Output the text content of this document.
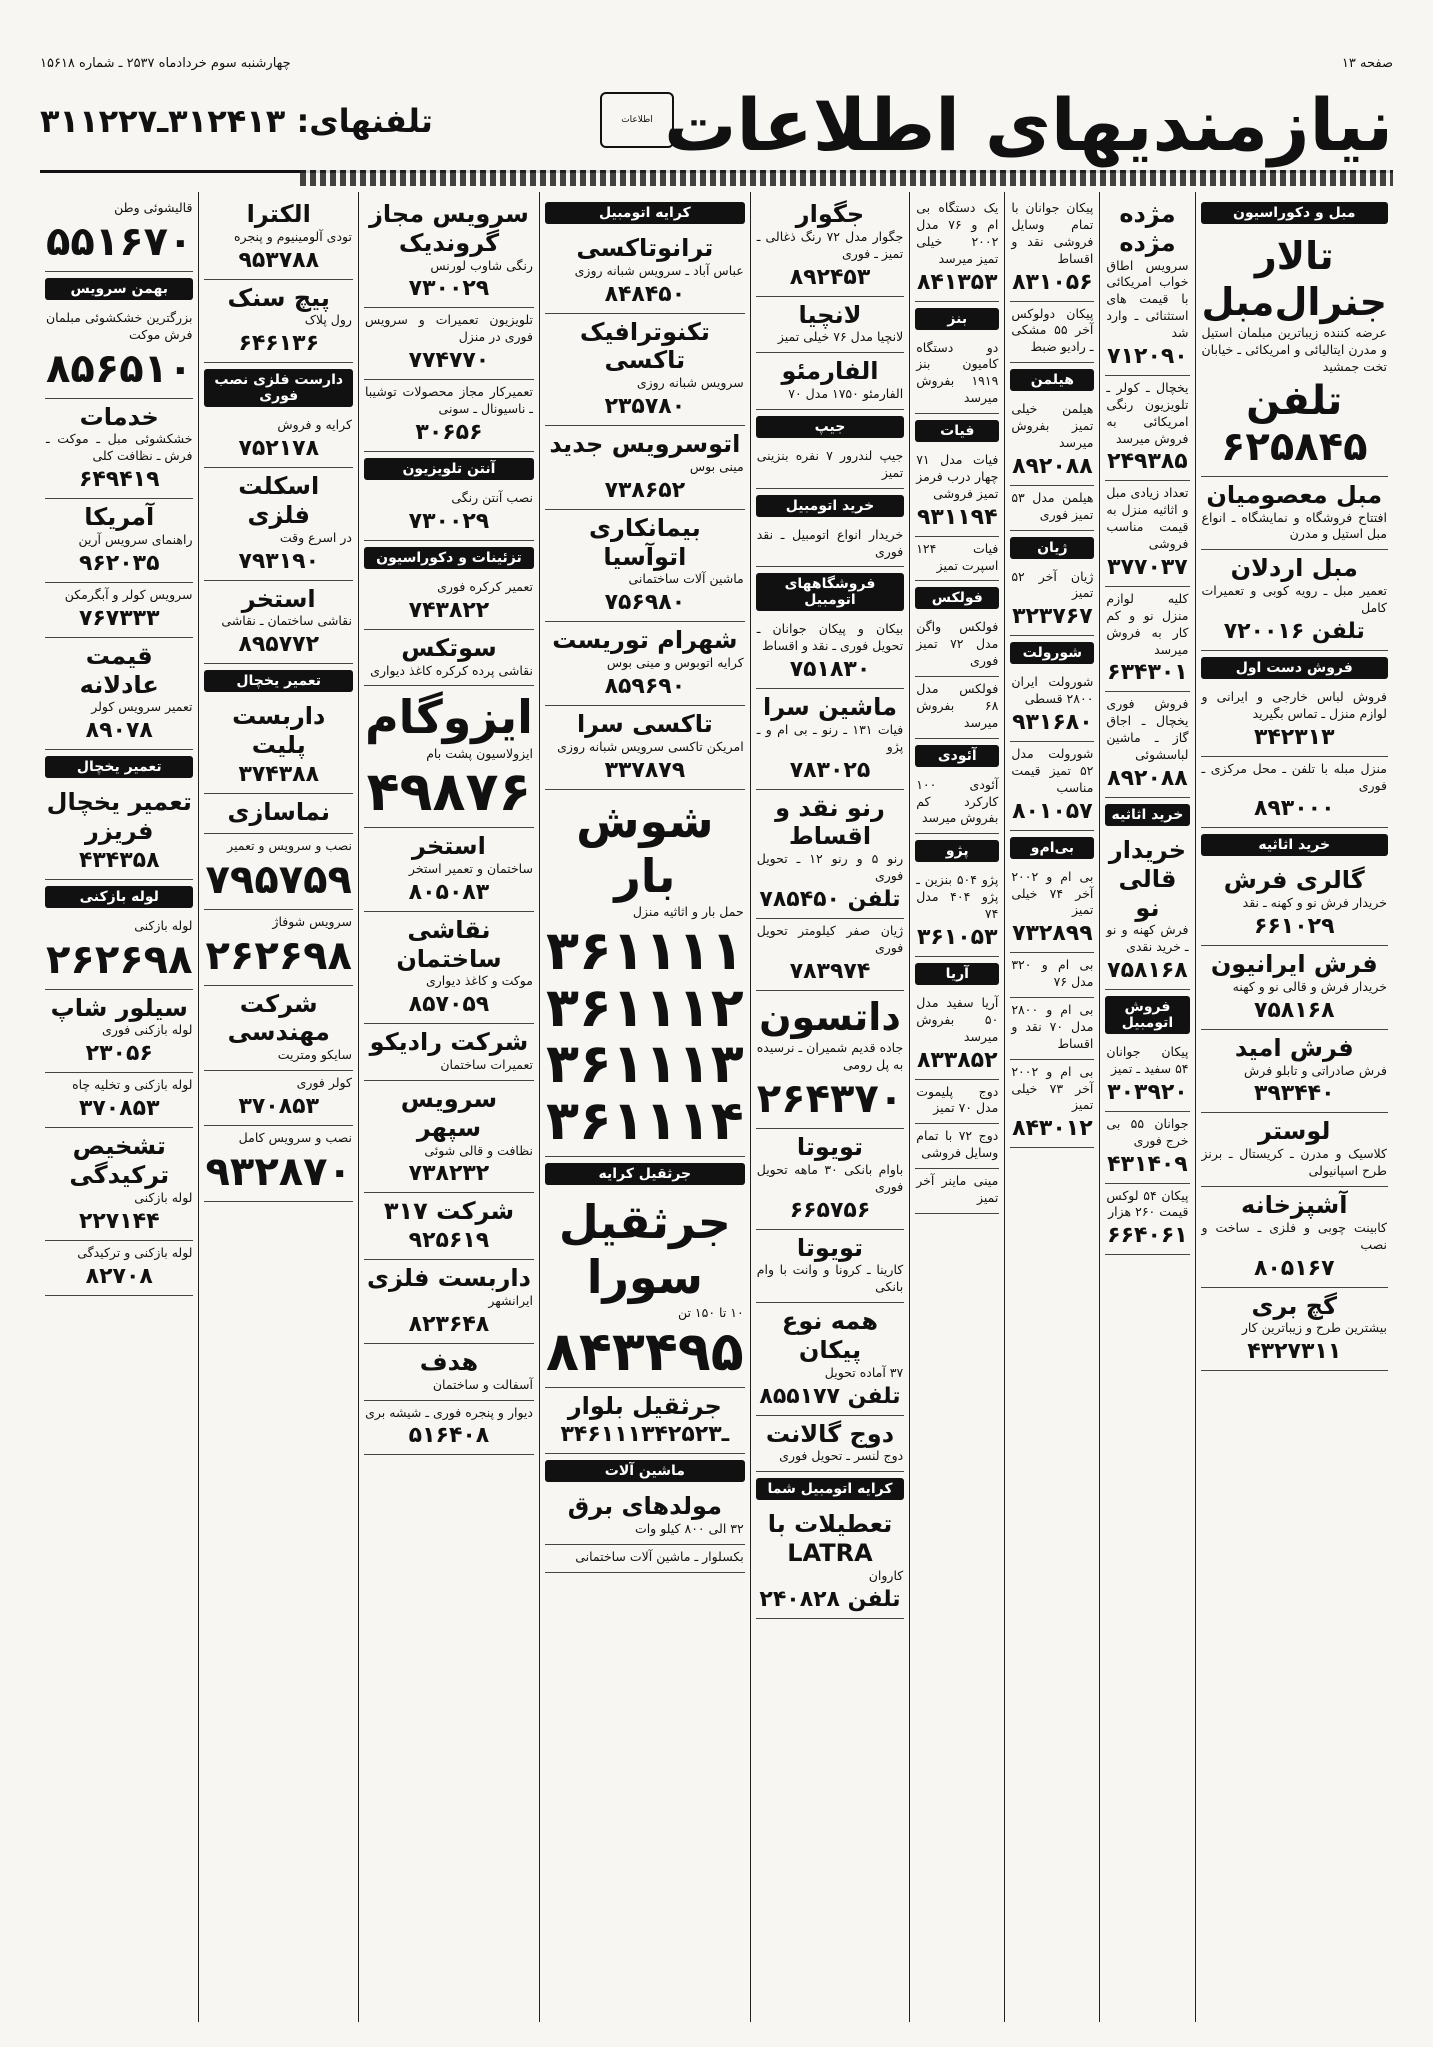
چهارشنبه سوم خردادماه ۲۵۳۷ ـ شماره ۱۵۶۱۸	صفحه ۱۳
تلفنهای: ۳۱۲۴۱۳ـ۳۱۱۲۲۷	اطلاعات نیازمندیهای اطلاعات
مبل و دکوراسیون
تالار جنرال‌مبل
عرضه کننده زیباترین مبلمان استیل و مدرن ایتالیائی و امریکائی ـ خیابان تخت جمشید
تلفن ۶۲۵۸۴۵
مبل معصومیان
افتتاح فروشگاه و نمایشگاه ـ انواع مبل استیل و مدرن
مبل اردلان
تعمیر مبل ـ رویه کوبی و تعمیرات کامل
تلفن ۷۲۰۰۱۶
فروش دست اول
فروش لباس خارجی و ایرانی و لوازم منزل ـ تماس بگیرید
۳۴۲۳۱۳
منزل مبله با تلفن ـ محل مرکزی ـ فوری
۸۹۳۰۰۰
خرید اثاثیه
گالری فرش
خریدار فرش نو و کهنه ـ نقد
۶۶۱۰۲۹
فرش ایرانیون
خریدار فرش و قالی نو و کهنه
۷۵۸۱۶۸
فرش امید
فرش صادراتی و تابلو فرش
۳۹۳۴۴۰
لوستر
کلاسیک و مدرن ـ کریستال ـ برنز طرح اسپانیولی
آشپزخانه
کابینت چوبی و فلزی ـ ساخت و نصب
۸۰۵۱۶۷
گچ بری
بیشترین طرح و زیباترین کار
۴۳۲۷۳۱۱
مژده مژده
سرویس اطاق خواب امریکائی با قیمت های استثنائی ـ وارد شد
۷۱۲۰۹۰
یخچال ـ کولر ـ تلویزیون رنگی امریکائی به فروش میرسد
۲۴۹۳۸۵
تعداد زیادی مبل و اثاثیه منزل به قیمت مناسب فروشی
۳۷۷۰۳۷
کلیه لوازم منزل نو و کم کار به فروش میرسد
۶۳۴۳۰۱
فروش فوری یخچال ـ اجاق گاز ـ ماشین لباسشوئی
۸۹۲۰۸۸
خرید اثاثیه
خریدار قالی نو
فرش کهنه و نو ـ خرید نقدی
۷۵۸۱۶۸
فروش اتومبیل
پیکان جوانان ۵۴ سفید ـ تمیز
۳۰۳۹۲۰
جوانان ۵۵ بی خرج فوری
۴۳۱۴۰۹
پیکان ۵۴ لوکس قیمت ۲۶۰ هزار
۶۶۴۰۶۱
پیکان جوانان با تمام وسایل فروشی نقد و اقساط
۸۳۱۰۵۶
پیکان دولوکس آخر ۵۵ مشکی ـ رادیو ضبط
هیلمن
هیلمن خیلی تمیز بفروش میرسد
۸۹۲۰۸۸
هیلمن مدل ۵۳ تمیز فوری
ژیان
ژیان آخر ۵۲ تمیز
۳۲۳۷۶۷
شورولت
شورولت ایران ۲۸۰۰ قسطی
۹۳۱۶۸۰
شورولت مدل ۵۲ تمیز قیمت مناسب
۸۰۱۰۵۷
بی‌ام‌و
بی ام و ۲۰۰۲ آخر ۷۴ خیلی تمیز
۷۳۲۸۹۹
بی ام و ۳۲۰ مدل ۷۶
بی ام و ۲۸۰۰ مدل ۷۰ نقد و اقساط
بی ام و ۲۰۰۲ آخر ۷۳ خیلی تمیز
۸۴۳۰۱۲
یک دستگاه بی ام و ۷۶ مدل ۲۰۰۲ خیلی تمیز میرسد
۸۴۱۳۵۳
بنز
دو دستگاه کامیون بنز ۱۹۱۹ بفروش میرسد
فیات
فیات مدل ۷۱ چهار درب فرمز تمیز فروشی
۹۳۱۱۹۴
فیات ۱۲۴ اسپرت تمیز
فولکس
فولکس واگن مدل ۷۲ تمیز فوری
فولکس مدل ۶۸ بفروش میرسد
آئودی
آئودی ۱۰۰ کارکرد کم بفروش میرسد
پژو
پژو ۵۰۴ بنزین ـ پژو ۴۰۴ مدل ۷۴
۳۶۱۰۵۳
آریا
آریا سفید مدل ۵۰ بفروش میرسد
۸۳۳۸۵۲
دوج پلیموت مدل ۷۰ تمیز
دوج ۷۲ با تمام وسایل فروشی
مینی ماینر آخر تمیز
جگوار
جگوار مدل ۷۲ رنگ ذغالی ـ تمیز ـ فوری
۸۹۲۴۵۳
لانچیا
لانچیا مدل ۷۶ خیلی تمیز
الفارمئو
الفارمئو ۱۷۵۰ مدل ۷۰
جیپ
جیپ لندرور ۷ نفره بنزینی تمیز
خرید اتومبیل
خریدار انواع اتومبیل ـ نقد فوری
فروشگاههای اتومبیل
بیکان و پیکان جوانان ـ تحویل فوری ـ نقد و اقساط
۷۵۱۸۳۰
ماشین سرا
فیات ۱۳۱ ـ رنو ـ بی ام و ـ پژو
۷۸۳۰۲۵
رنو نقد و اقساط
رنو ۵ و رنو ۱۲ ـ تحویل فوری
تلفن ۷۸۵۴۵۰
ژیان صفر کیلومتر تحویل فوری
۷۸۳۹۷۴
داتسون
جاده قدیم شمیران ـ نرسیده به پل رومی
۲۶۴۳۷۰
تویوتا
باوام بانکی ۳۰ ماهه تحویل فوری
۶۶۵۷۵۶
تویوتا
کارینا ـ کرونا و وانت با وام بانکی
همه نوع پیکان
۳۷ آماده تحویل
تلفن ۸۵۵۱۷۷
دوج گالانت
دوج لنسر ـ تحویل فوری
کرایه اتومبیل شما
تعطیلات با LATRA
کاروان
تلفن ۲۴۰۸۲۸
کرایه اتومبیل
ترانوتاکسی
عباس آباد ـ سرویس شبانه روزی
۸۴۸۴۵۰
تکنوترافیک تاکسی
سرویس شبانه روزی
۲۳۵۷۸۰
اتوسرویس جدید
مینی بوس
۷۳۸۶۵۲
بیمانکاری اتوآسیا
ماشین آلات ساختمانی
۷۵۶۹۸۰
شهرام توریست
کرایه اتوبوس و مینی بوس
۸۵۹۶۹۰
تاکسی سرا
امریکن تاکسی سرویس شبانه روزی
۳۳۷۸۷۹
شوش بار
حمل بار و اثاثیه منزل
۳۶۱۱۱۱
۳۶۱۱۱۲
۳۶۱۱۱۳
۳۶۱۱۱۴
جرثقیل کرایه
جرثقیل سورا
۱۰ تا ۱۵۰ تن
۸۴۳۴۹۵
جرثقیل بلوار
۳۴۶۱۱۱ـ۳۴۲۵۲۳
ماشین آلات
مولدهای برق
۳۲ الی ۸۰۰ کیلو وات
بکسلوار ـ ماشین آلات ساختمانی
سرویس مجاز گروندیک
رنگی شاوب لورنس
۷۳۰۰۲۹
تلویزیون تعمیرات و سرویس فوری در منزل
۷۷۴۷۷۰
تعمیرکار مجاز محصولات توشیبا ـ ناسیونال ـ سونی
۳۰۶۵۶
آنتن تلویزیون
نصب آنتن رنگی
۷۳۰۰۲۹
تزئینات و دکوراسیون
تعمیر کرکره فوری
۷۴۳۸۲۲
سوتکس
نقاشی پرده کرکره کاغذ دیواری
ایزوگام
ایزولاسیون پشت بام
۴۹۸۷۶
استخر
ساختمان و تعمیر استخر
۸۰۵۰۸۳
نقاشی ساختمان
موکت و کاغذ دیواری
۸۵۷۰۵۹
شرکت رادیکو
تعمیرات ساختمان
سرویس سپهر
نظافت و قالی شوئی
۷۳۸۲۳۲
شرکت ۳۱۷
۹۲۵۶۱۹
داربست فلزی
ایرانشهر
۸۲۳۶۴۸
هدف
آسفالت و ساختمان
دیوار و پنجره فوری ـ شیشه بری
۵۱۶۴۰۸
الکترا
تودی آلومینیوم و پنجره
۹۵۳۷۸۸
پیچ سنک
رول پلاک
۶۴۶۱۳۶
دارست فلزی نصب فوری
کرایه و فروش
۷۵۲۱۷۸
اسکلت فلزی
در اسرع وقت
۷۹۳۱۹۰
استخر
نقاشی ساختمان ـ نقاشی
۸۹۵۷۷۲
تعمیر یخچال
داربست پلیت
۳۷۴۳۸۸
نماسازی
نصب و سرویس و تعمیر
۷۹۵۷۵۹
سرویس شوفاژ
۲۶۲۶۹۸
شرکت مهندسی
سایکو ومتریت
کولر فوری
۳۷۰۸۵۳
نصب و سرویس کامل
۹۳۲۸۷۰
قالیشوئی وطن
۵۵۱۶۷۰
بهمن سرویس
بزرگترین خشکشوئی مبلمان فرش موکت
۸۵۶۵۱۰
خدمات
خشکشوئی مبل ـ موکت ـ فرش ـ نظافت کلی
۶۴۹۴۱۹
آمریکا
راهنمای سرویس آرین
۹۶۲۰۳۵
سرویس کولر و آبگرمکن
۷۶۷۳۳۳
قیمت عادلانه
تعمیر سرویس کولر
۸۹۰۷۸
تعمیر یخچال
تعمیر یخچال فریزر
۴۳۴۳۵۸
لوله بازکنی
لوله بازکنی
۲۶۲۶۹۸
سیلور شاپ
لوله بازکنی فوری
۲۳۰۵۶
لوله بازکنی و تخلیه چاه
۳۷۰۸۵۳
تشخیص ترکیدگی
لوله بازکنی
۲۲۷۱۴۴
لوله بازکنی و ترکیدگی
۸۲۷۰۸
